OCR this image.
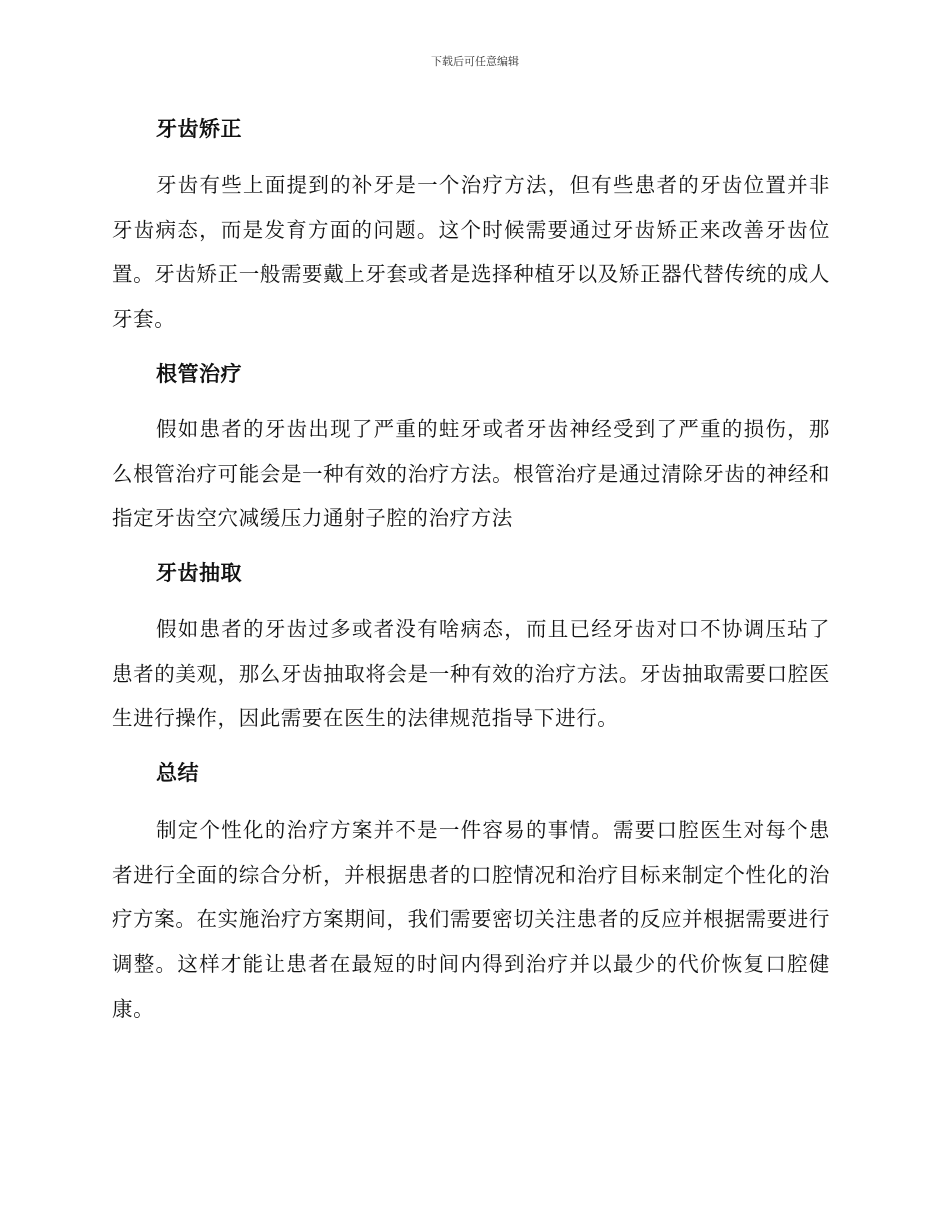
下载后可任意编辑
牙齿矫正

牙齿有些上面提到的补牙是一个治疗方法，但有些患者的牙齿位置并非牙齿病态，而是发育方面的问题。这个时候需要通过牙齿矫正来改善牙齿位置。牙齿矫正一般需要戴上牙套或者是选择种植牙以及矫正器代替传统的成人牙套。

根管治疗

假如患者的牙齿出现了严重的蛀牙或者牙齿神经受到了严重的损伤，那么根管治疗可能会是一种有效的治疗方法。根管治疗是通过清除牙齿的神经和指定牙齿空穴减缓压力通射子腔的治疗方法

牙齿抽取

假如患者的牙齿过多或者没有啥病态，而且已经牙齿对口不协调压玷了患者的美观，那么牙齿抽取将会是一种有效的治疗方法。牙齿抽取需要口腔医生进行操作，因此需要在医生的法律规范指导下进行。

总结

制定个性化的治疗方案并不是一件容易的事情。需要口腔医生对每个患者进行全面的综合分析，并根据患者的口腔情况和治疗目标来制定个性化的治疗方案。在实施治疗方案期间，我们需要密切关注患者的反应并根据需要进行调整。这样才能让患者在最短的时间内得到治疗并以最少的代价恢复口腔健康。
